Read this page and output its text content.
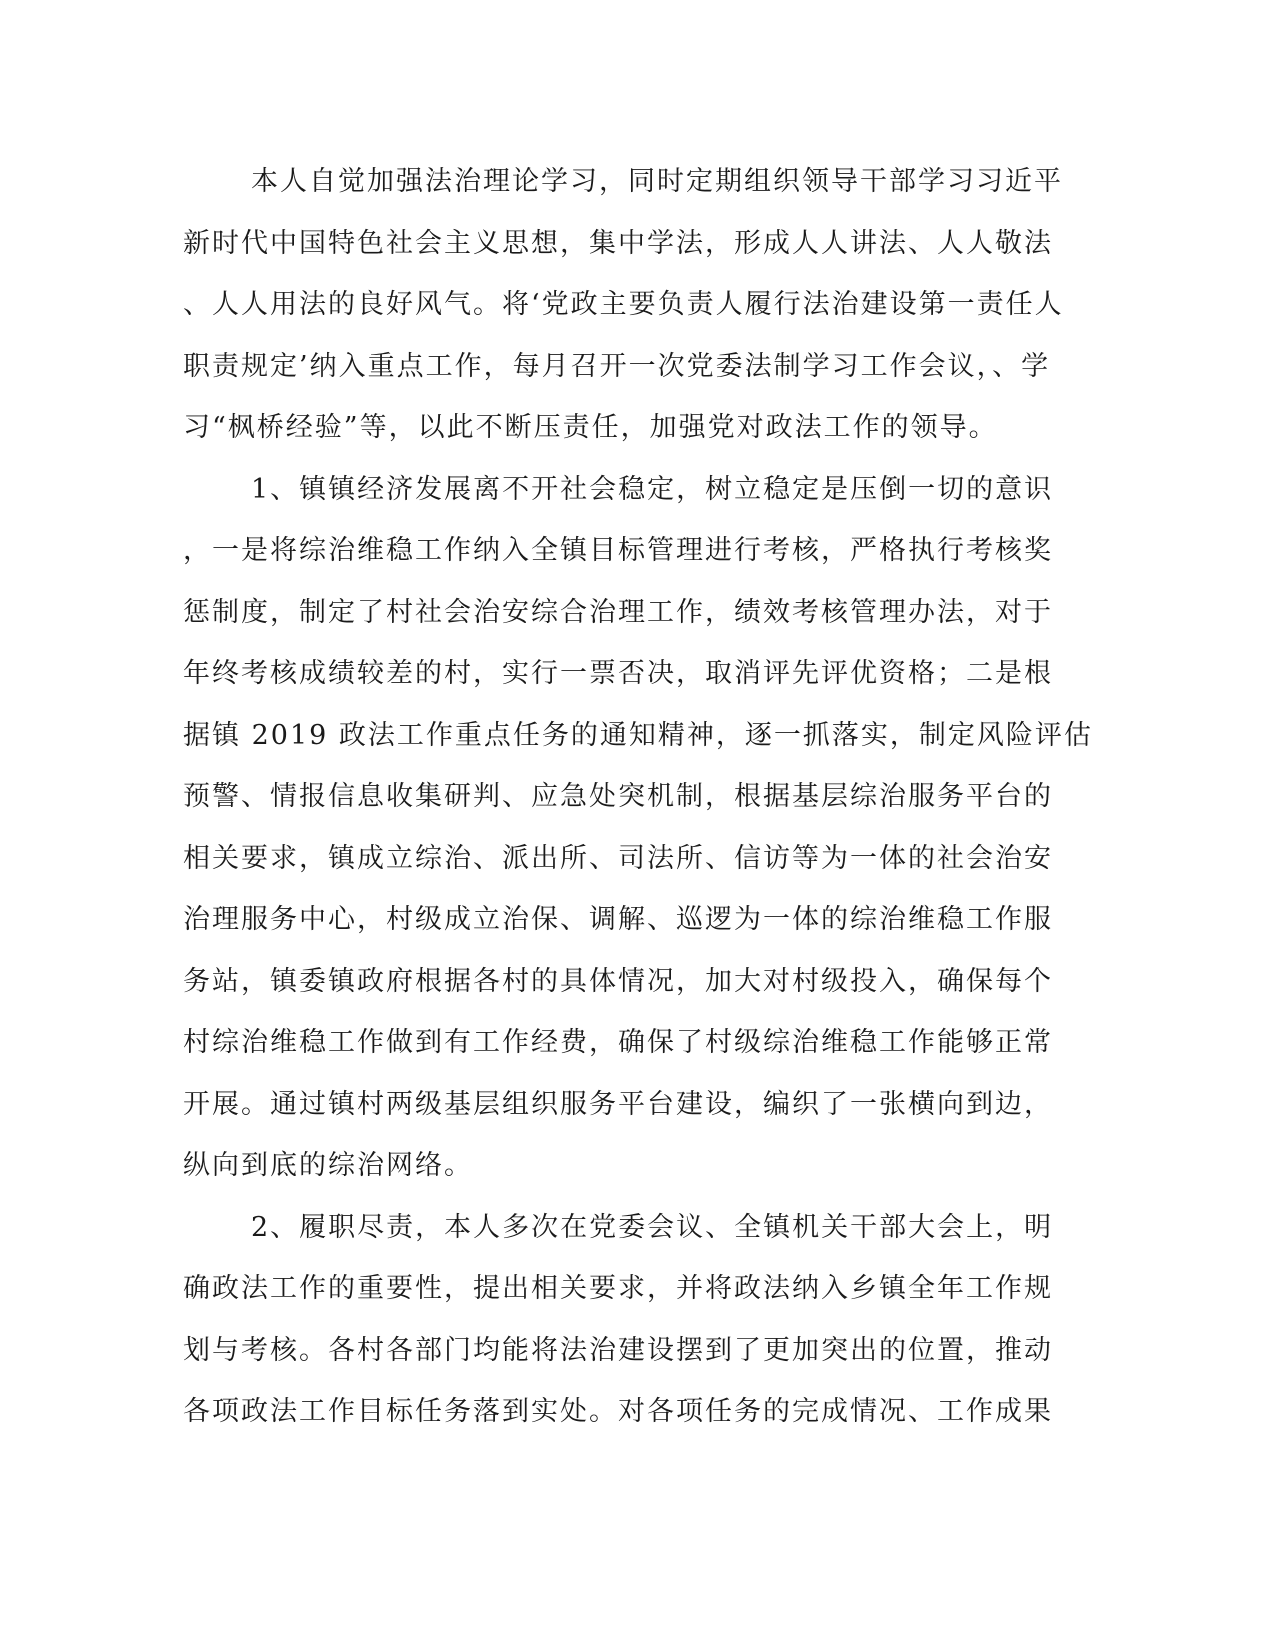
本人自觉加强法治理论学习，同时定期组织领导干部学习习近平
新时代中国特色社会主义思想，集中学法，形成人人讲法、人人敬法
、人人用法的良好风气。将‘党政主要负责人履行法治建设第一责任人
职责规定’纳入重点工作，每月召开一次党委法制学习工作会议，、学
习“枫桥经验”等，以此不断压责任，加强党对政法工作的领导。
1、镇镇经济发展离不开社会稳定，树立稳定是压倒一切的意识
，一是将综治维稳工作纳入全镇目标管理进行考核，严格执行考核奖
惩制度，制定了村社会治安综合治理工作，绩效考核管理办法，对于
年终考核成绩较差的村，实行一票否决，取消评先评优资格；二是根
据镇 2019 政法工作重点任务的通知精神，逐一抓落实，制定风险评估
预警、情报信息收集研判、应急处突机制，根据基层综治服务平台的
相关要求，镇成立综治、派出所、司法所、信访等为一体的社会治安
治理服务中心，村级成立治保、调解、巡逻为一体的综治维稳工作服
务站，镇委镇政府根据各村的具体情况，加大对村级投入，确保每个
村综治维稳工作做到有工作经费，确保了村级综治维稳工作能够正常
开展。通过镇村两级基层组织服务平台建设，编织了一张横向到边，
纵向到底的综治网络。
2、履职尽责，本人多次在党委会议、全镇机关干部大会上，明
确政法工作的重要性，提出相关要求，并将政法纳入乡镇全年工作规
划与考核。各村各部门均能将法治建设摆到了更加突出的位置，推动
各项政法工作目标任务落到实处。对各项任务的完成情况、工作成果
